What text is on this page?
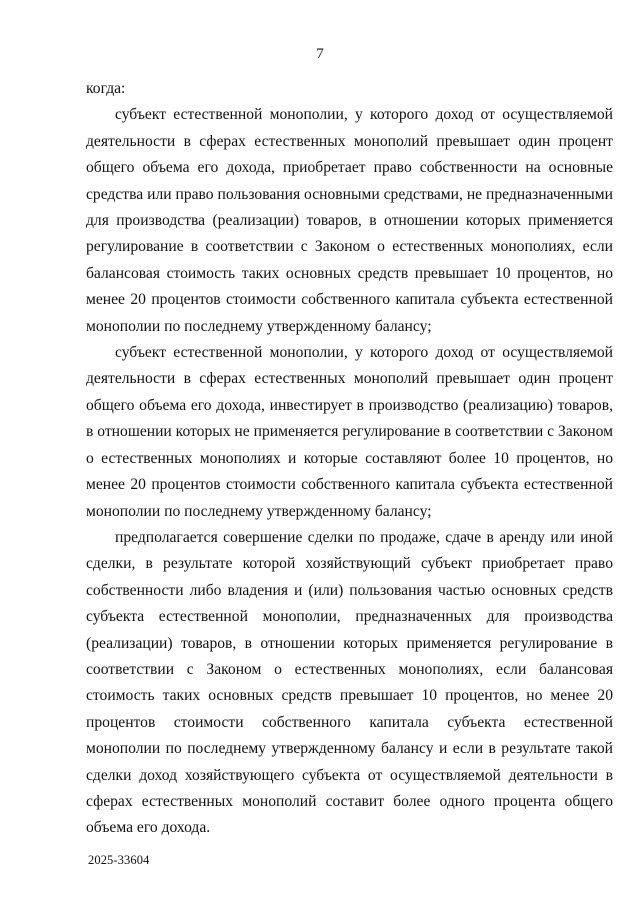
7

когда:

субъект естественной монополии, у которого доход от осуществляемой деятельности в сферах естественных монополий превышает один процент общего объема его дохода, приобретает право собственности на основные средства или право пользования основными средствами, не предназначенными для производства (реализации) товаров, в отношении которых применяется регулирование в соответствии с Законом о естественных монополиях, если балансовая стоимость таких основных средств превышает 10 процентов, но менее 20 процентов стоимости собственного капитала субъекта естественной монополии по последнему утвержденному балансу;

субъект естественной монополии, у которого доход от осуществляемой деятельности в сферах естественных монополий превышает один процент общего объема его дохода, инвестирует в производство (реализацию) товаров, в отношении которых не применяется регулирование в соответствии с Законом о естественных монополиях и которые составляют более 10 процентов, но менее 20 процентов стоимости собственного капитала субъекта естественной монополии по последнему утвержденному балансу;

предполагается совершение сделки по продаже, сдаче в аренду или иной сделки, в результате которой хозяйствующий субъект приобретает право собственности либо владения и (или) пользования частью основных средств субъекта естественной монополии, предназначенных для производства (реализации) товаров, в отношении которых применяется регулирование в соответствии с Законом о естественных монополиях, если балансовая стоимость таких основных средств превышает 10 процентов, но менее 20 процентов стоимости собственного капитала субъекта естественной монополии по последнему утвержденному балансу и если в результате такой сделки доход хозяйствующего субъекта от осуществляемой деятельности в сферах естественных монополий составит более одного процента общего объема его дохода.

2025-33604
